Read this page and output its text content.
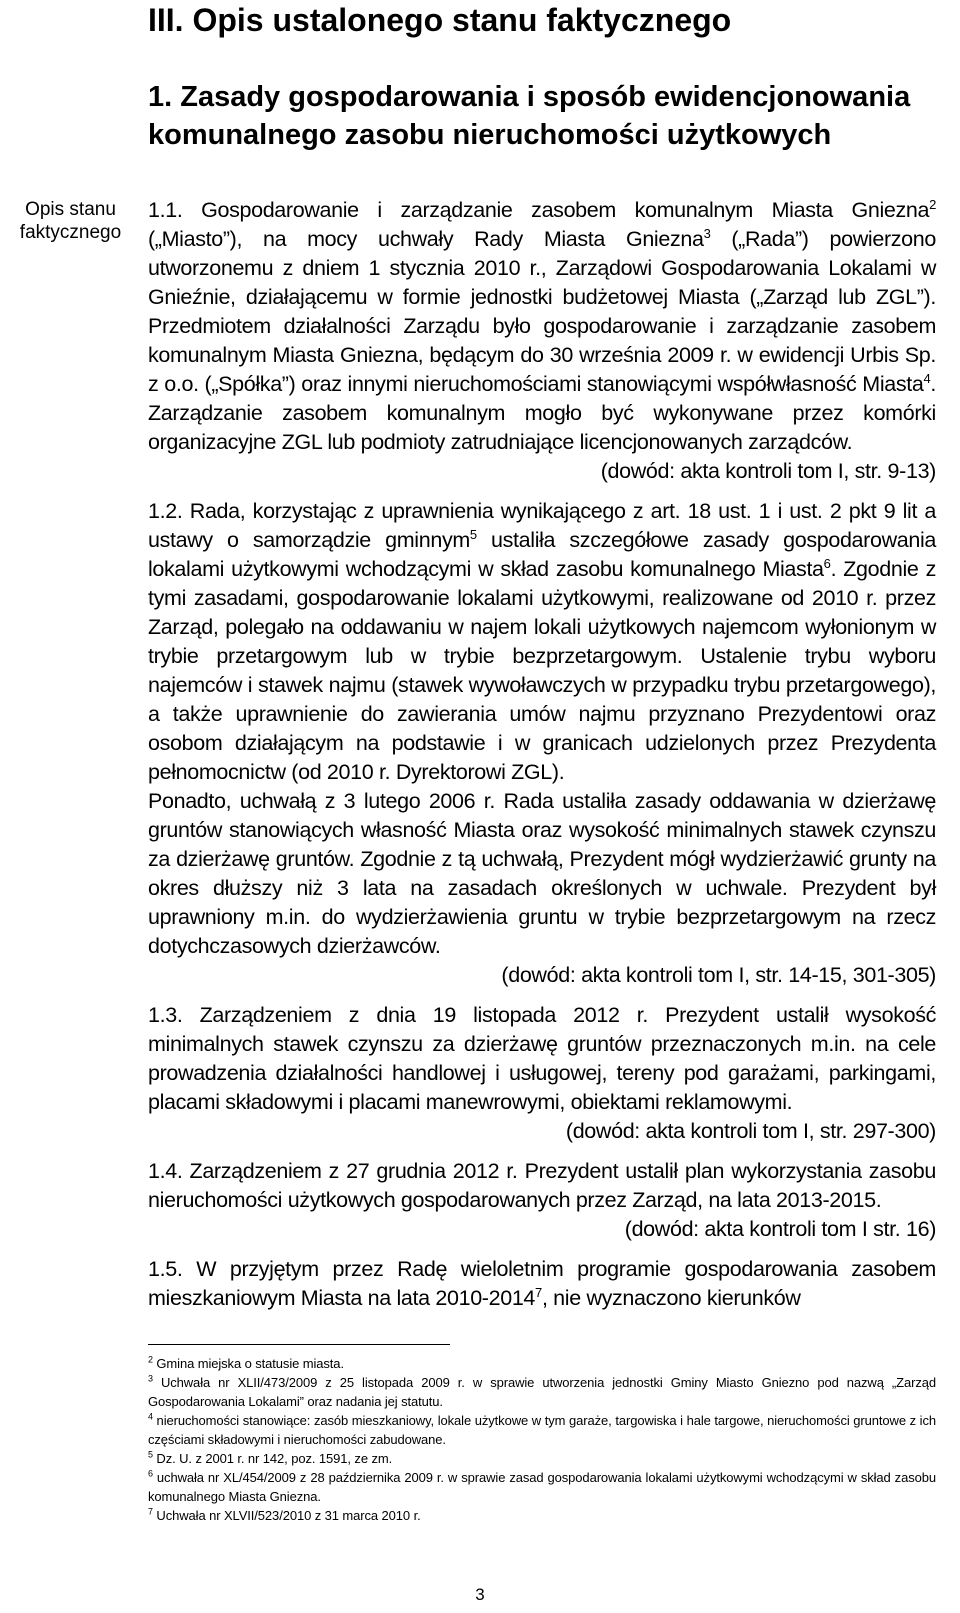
III. Opis ustalonego stanu faktycznego
1. Zasady gospodarowania i sposób ewidencjonowania komunalnego zasobu nieruchomości użytkowych
Opis stanu faktycznego

1.1. Gospodarowanie i zarządzanie zasobem komunalnym Miasta Gniezna$^2$ („Miasto”), na mocy uchwały Rady Miasta Gniezna$^3$ („Rada”) powierzono utworzonemu z dniem 1 stycznia 2010 r., Zarządowi Gospodarowania Lokalami w Gnieźnie, działającemu w formie jednostki budżetowej Miasta („Zarząd lub ZGL”). Przedmiotem działalności Zarządu było gospodarowanie i zarządzanie zasobem komunalnym Miasta Gniezna, będącym do 30 września 2009 r. w ewidencji Urbis Sp. z o.o. („Spółka”) oraz innymi nieruchomościami stanowiącymi współwłasność Miasta$^4$. Zarządzanie zasobem komunalnym mogło być wykonywane przez komórki organizacyjne ZGL lub podmioty zatrudniające licencjonowanych zarządców.

(dowód: akta kontroli tom I, str. 9-13)

1.2. Rada, korzystając z uprawnienia wynikającego z art. 18 ust. 1 i ust. 2 pkt 9 lit a ustawy o samorządzie gminnym$^5$ ustaliła szczegółowe zasady gospodarowania lokalami użytkowymi wchodzącymi w skład zasobu komunalnego Miasta$^6$. Zgodnie z tymi zasadami, gospodarowanie lokalami użytkowymi, realizowane od 2010 r. przez Zarząd, polegało na oddawaniu w najem lokali użytkowych najemcom wyłonionym w trybie przetargowym lub w trybie bezprzetargowym. Ustalenie trybu wyboru najemców i stawek najmu (stawek wywoławczych w przypadku trybu przetargowego), a także uprawnienie do zawierania umów najmu przyznano Prezydentowi oraz osobom działającym na podstawie i w granicach udzielonych przez Prezydenta pełnomocnictw (od 2010 r. Dyrektorowi ZGL).

Ponadto, uchwałą z 3 lutego 2006 r. Rada ustaliła zasady oddawania w dzierżawę gruntów stanowiących własność Miasta oraz wysokość minimalnych stawek czynszu za dzierżawę gruntów. Zgodnie z tą uchwałą, Prezydent mógł wydzierżawić grunty na okres dłuższy niż 3 lata na zasadach określonych w uchwale. Prezydent był uprawniony m.in. do wydzierżawienia gruntu w trybie bezprzetargowym na rzecz dotychczasowych dzierżawców.

(dowód: akta kontroli tom I, str. 14-15, 301-305)

1.3. Zarządzeniem z dnia 19 listopada 2012 r. Prezydent ustalił wysokość minimalnych stawek czynszu za dzierżawę gruntów przeznaczonych m.in. na cele prowadzenia działalności handlowej i usługowej, tereny pod garażami, parkingami, placami składowymi i placami manewrowymi, obiektami reklamowymi.

(dowód: akta kontroli tom I, str. 297-300)

1.4. Zarządzeniem z 27 grudnia 2012 r. Prezydent ustalił plan wykorzystania zasobu nieruchomości użytkowych gospodarowanych przez Zarząd, na lata 2013-2015.

(dowód: akta kontroli tom I str. 16)

1.5. W przyjętym przez Radę wieloletnim programie gospodarowania zasobem mieszkaniowym Miasta na lata 2010-2014$^7$, nie wyznaczono kierunków

$^2$ Gmina miejska o statusie miasta.

$^3$ Uchwała nr XLII/473/2009 z 25 listopada 2009 r. w sprawie utworzenia jednostki Gminy Miasto Gniezno pod nazwą „Zarząd Gospodarowania Lokalami” oraz nadania jej statutu.

$^4$ nieruchomości stanowiące: zasób mieszkaniowy, lokale użytkowe w tym garaże, targowiska i hale targowe, nieruchomości gruntowe z ich częściami składowymi i nieruchomości zabudowane.

$^5$ Dz. U. z 2001 r. nr 142, poz. 1591, ze zm.

$^6$ uchwała nr XL/454/2009 z 28 października 2009 r. w sprawie zasad gospodarowania lokalami użytkowymi wchodzącymi w skład zasobu komunalnego Miasta Gniezna.

$^7$ Uchwała nr XLVII/523/2010 z 31 marca 2010 r.

3
